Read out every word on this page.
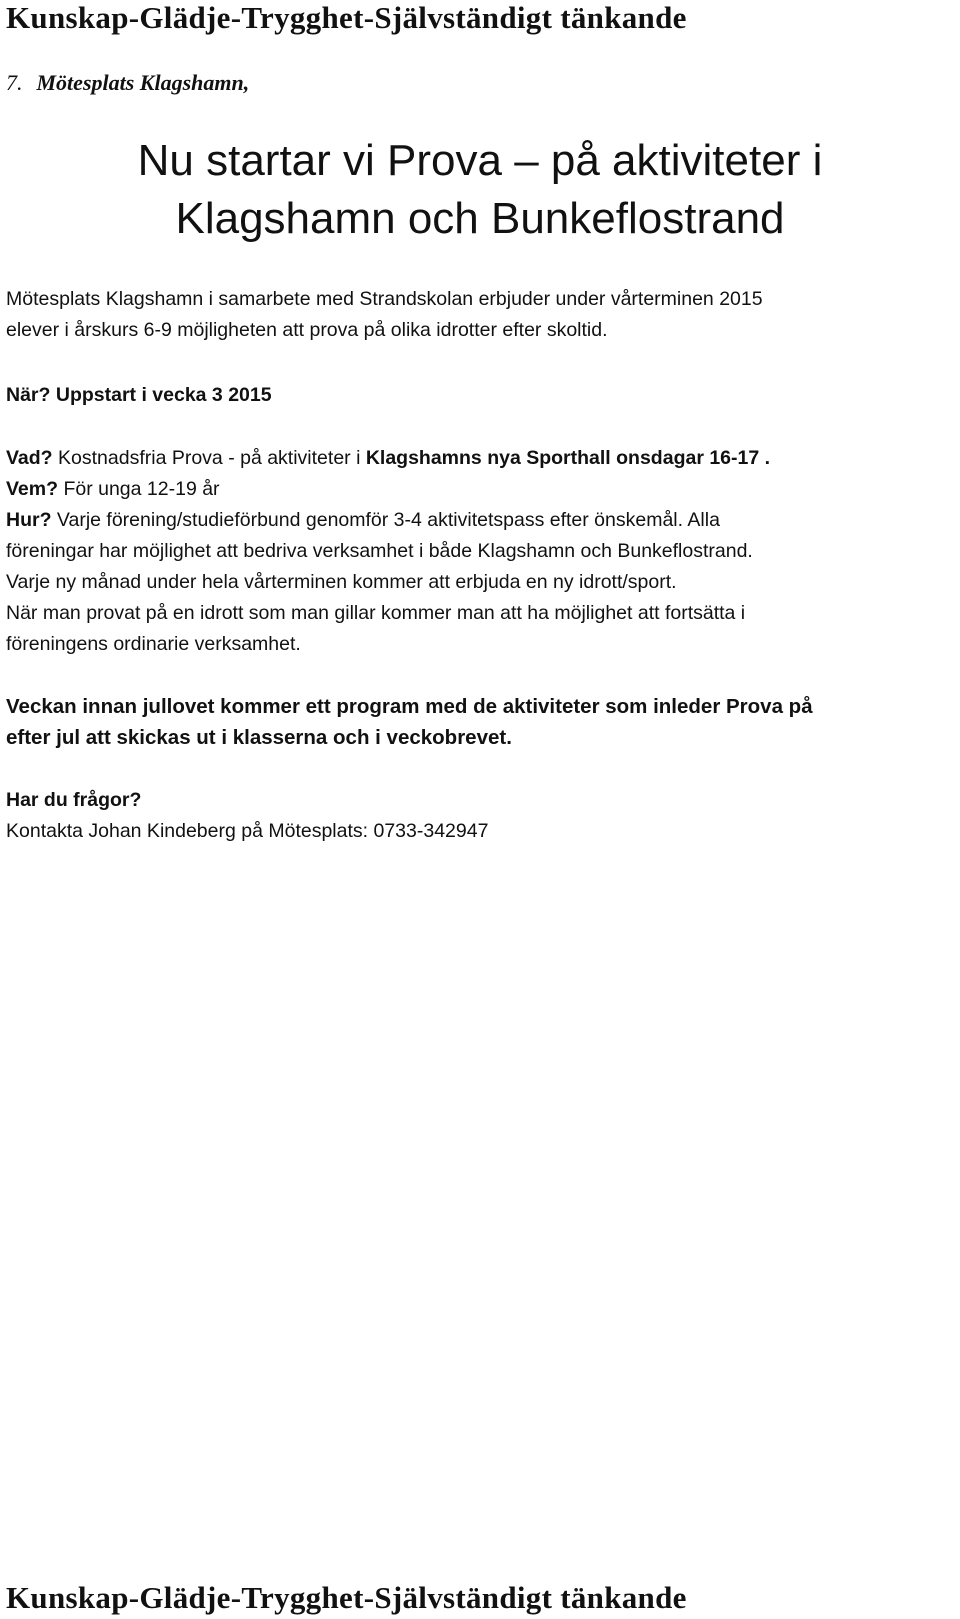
Kunskap-Glädje-Trygghet-Självständigt tänkande

7. Mötesplats Klagshamn,

Nu startar vi Prova – på aktiviteter i
Klagshamn och Bunkeflostrand

Mötesplats Klagshamn i samarbete med Strandskolan erbjuder under vårterminen 2015
elever i årskurs 6-9 möjligheten att prova på olika idrotter efter skoltid.

När? Uppstart i vecka 3 2015

Vad? Kostnadsfria Prova - på aktiviteter i Klagshamns nya Sporthall onsdagar 16-17 .
Vem? För unga 12-19 år
Hur? Varje förening/studieförbund genomför 3-4 aktivitetspass efter önskemål. Alla
föreningar har möjlighet att bedriva verksamhet i både Klagshamn och Bunkeflostrand.
Varje ny månad under hela vårterminen kommer att erbjuda en ny idrott/sport.
När man provat på en idrott som man gillar kommer man att ha möjlighet att fortsätta i
föreningens ordinarie verksamhet.

Veckan innan jullovet kommer ett program med de aktiviteter som inleder Prova på
efter jul att skickas ut i klasserna och i veckobrevet.

Har du frågor?
Kontakta Johan Kindeberg på Mötesplats: 0733-342947

Kunskap-Glädje-Trygghet-Självständigt tänkande
